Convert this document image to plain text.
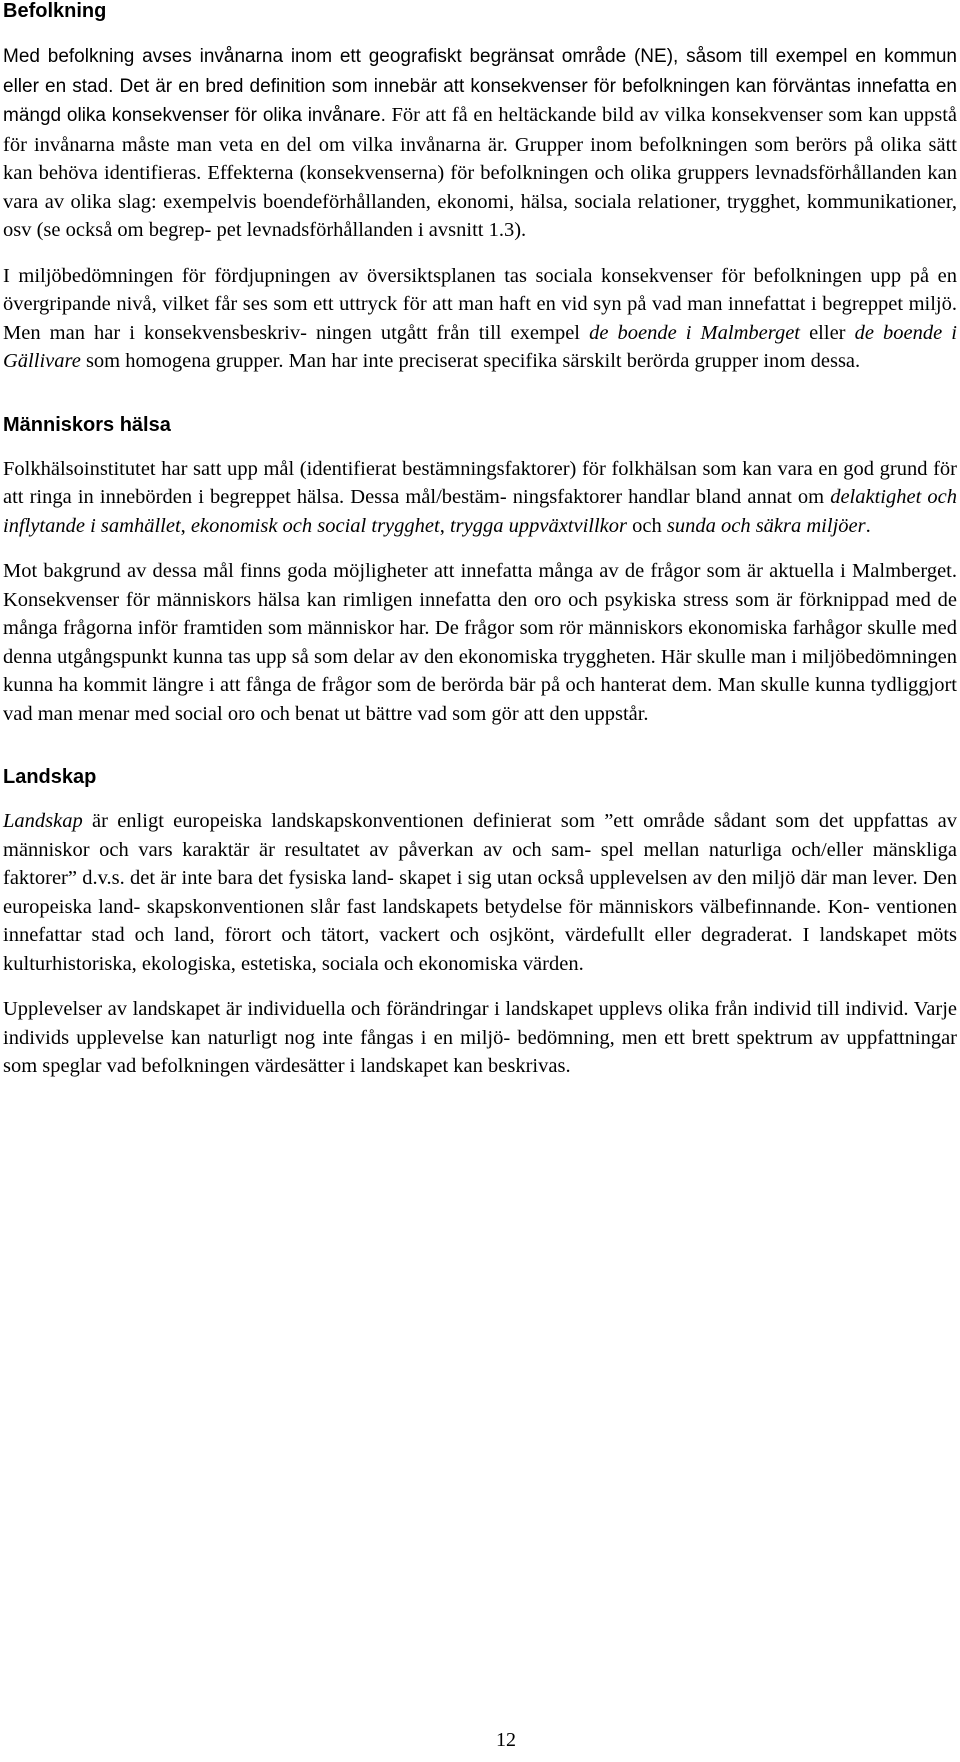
Befolkning

Med befolkning avses invånarna inom ett geografiskt begränsat område (NE), såsom till exempel en kommun eller en stad. Det är en bred definition som innebär att konsekvenser för befolkningen kan förväntas innefatta en mängd olika konsekvenser för olika invånare. För att få en heltäckande bild av vilka konsekvenser som kan uppstå för invånarna måste man veta en del om vilka invånarna är. Grupper inom befolkningen som berörs på olika sätt kan behöva identifieras. Effekterna (konsekvenserna) för befolkningen och olika gruppers levnadsförhållanden kan vara av olika slag: exempelvis boendeförhållanden, ekonomi, hälsa, sociala relationer, trygghet, kommunikationer, osv (se också om begrep- pet levnadsförhållanden i avsnitt 1.3).

I miljöbedömningen för fördjupningen av översiktsplanen tas sociala konsekvenser för befolkningen upp på en övergripande nivå, vilket får ses som ett uttryck för att man haft en vid syn på vad man innefattat i begreppet miljö. Men man har i konsekvensbeskriv- ningen utgått från till exempel de boende i Malmberget eller de boende i Gällivare som homogena grupper. Man har inte preciserat specifika särskilt berörda grupper inom dessa.

Människors hälsa

Folkhälsoinstitutet har satt upp mål (identifierat bestämningsfaktorer) för folkhälsan som kan vara en god grund för att ringa in innebörden i begreppet hälsa. Dessa mål/bestäm- ningsfaktorer handlar bland annat om delaktighet och inflytande i samhället, ekonomisk och social trygghet, trygga uppväxtvillkor och sunda och säkra miljöer.

Mot bakgrund av dessa mål finns goda möjligheter att innefatta många av de frågor som är aktuella i Malmberget. Konsekvenser för människors hälsa kan rimligen innefatta den oro och psykiska stress som är förknippad med de många frågorna inför framtiden som människor har. De frågor som rör människors ekonomiska farhågor skulle med denna utgångspunkt kunna tas upp så som delar av den ekonomiska tryggheten. Här skulle man i miljöbedömningen kunna ha kommit längre i att fånga de frågor som de berörda bär på och hanterat dem. Man skulle kunna tydliggjort vad man menar med social oro och benat ut bättre vad som gör att den uppstår.

Landskap

Landskap är enligt europeiska landskapskonventionen definierat som ”ett område sådant som det uppfattas av människor och vars karaktär är resultatet av påverkan av och sam- spel mellan naturliga och/eller mänskliga faktorer” d.v.s. det är inte bara det fysiska land- skapet i sig utan också upplevelsen av den miljö där man lever. Den europeiska land- skapskonventionen slår fast landskapets betydelse för människors välbefinnande. Kon- ventionen innefattar stad och land, förort och tätort, vackert och osjkönt, värdefullt eller degraderat. I landskapet möts kulturhistoriska, ekologiska, estetiska, sociala och ekonomiska värden.

Upplevelser av landskapet är individuella och förändringar i landskapet upplevs olika från individ till individ. Varje individs upplevelse kan naturligt nog inte fångas i en miljö- bedömning, men ett brett spektrum av uppfattningar som speglar vad befolkningen värdesätter i landskapet kan beskrivas.

12
